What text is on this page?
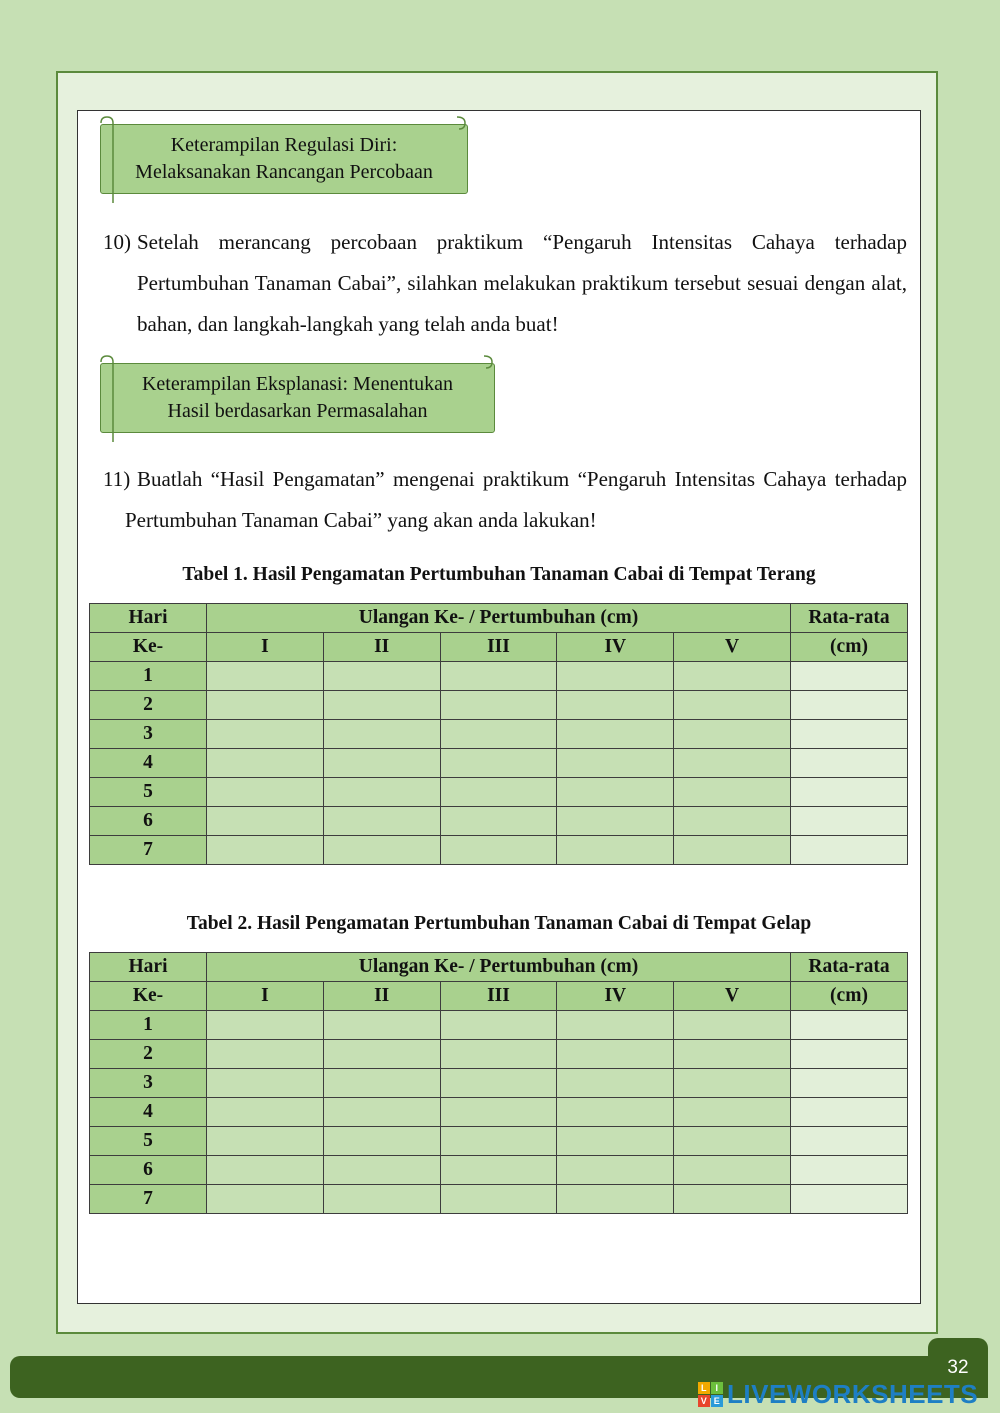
Keterampilan Regulasi Diri:
Melaksanakan Rancangan Percobaan
10) Setelah merancang percobaan praktikum “Pengaruh Intensitas Cahaya terhadap Pertumbuhan Tanaman Cabai”, silahkan melakukan praktikum tersebut sesuai dengan alat, bahan, dan langkah-langkah yang telah anda buat!
Keterampilan Eksplanasi: Menentukan
Hasil berdasarkan Permasalahan
11) Buatlah “Hasil Pengamatan” mengenai praktikum “Pengaruh Intensitas Cahaya terhadap Pertumbuhan Tanaman Cabai” yang akan anda lakukan!
Tabel 1. Hasil Pengamatan Pertumbuhan Tanaman Cabai di Tempat Terang
Hari	Ulangan Ke- / Pertumbuhan (cm)					Rata-rata
Ke-	I	II	III	IV	V	(cm)
1						
2						
3						
4						
5						
6						
7						
Tabel 2. Hasil Pengamatan Pertumbuhan Tanaman Cabai di Tempat Gelap
Hari	Ulangan Ke- / Pertumbuhan (cm)					Rata-rata
Ke-	I	II	III	IV	V	(cm)
1						
2						
3						
4						
5						
6						
7						
32
L I
V E LIVEWORKSHEETS
